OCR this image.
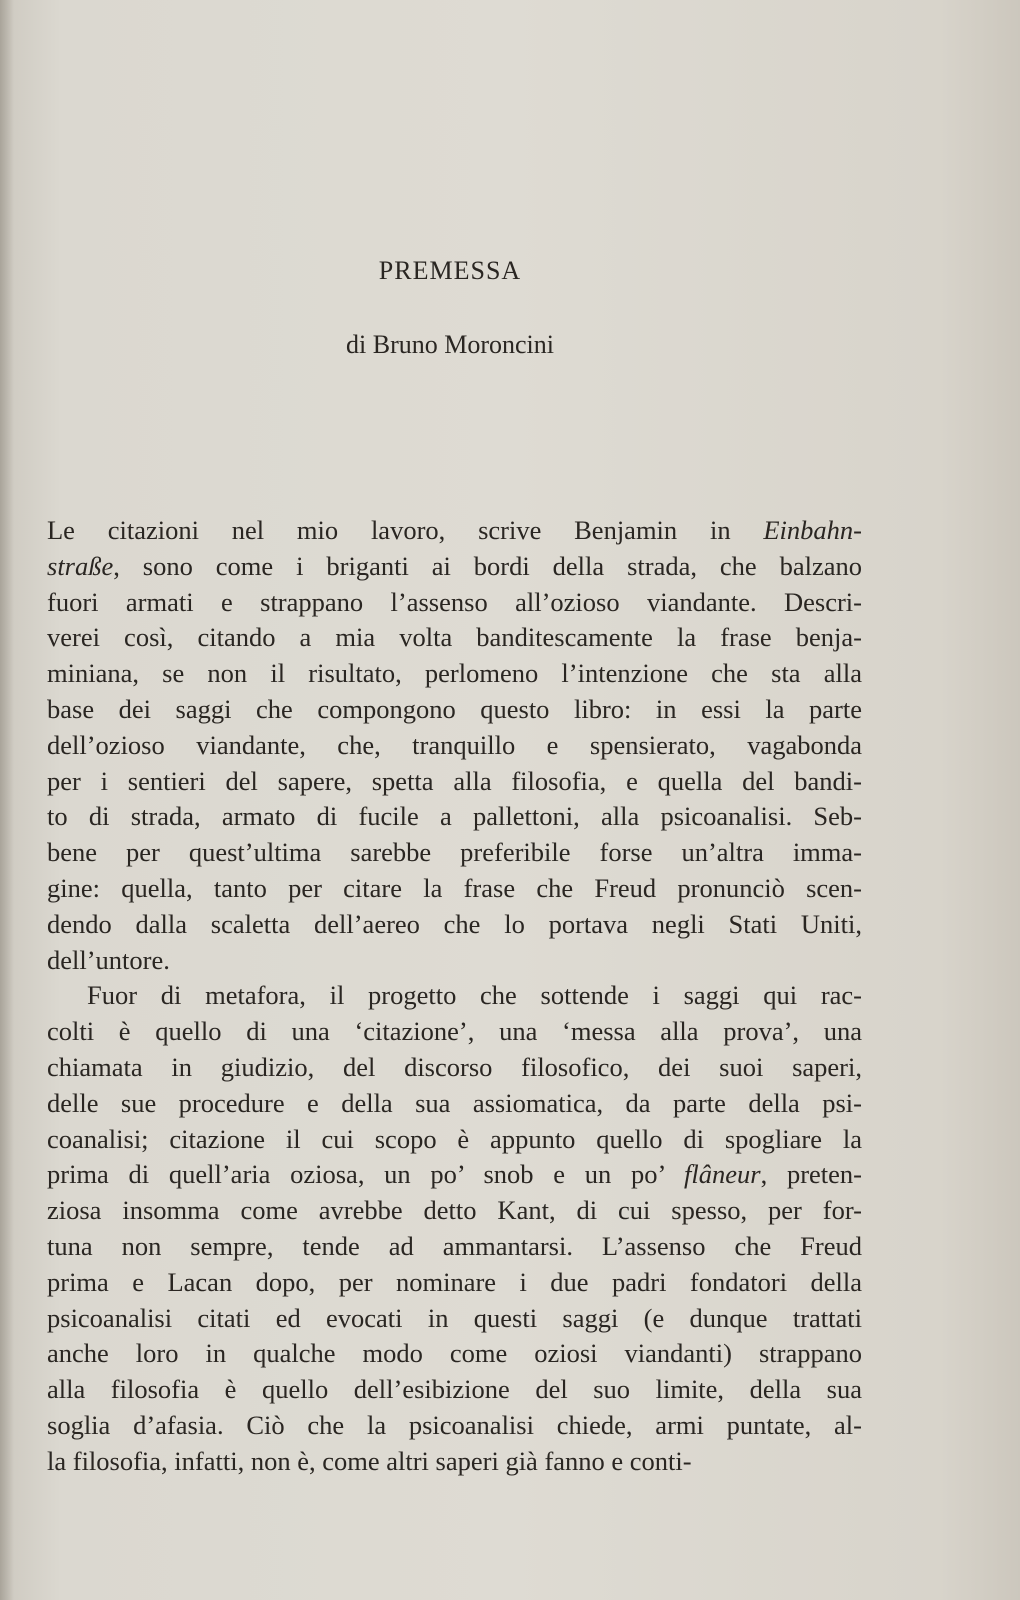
PREMESSA
di Bruno Moroncini
Le citazioni nel mio lavoro, scrive Benjamin in Einbahn-
straße, sono come i briganti ai bordi della strada, che balzano
fuori armati e strappano l’assenso all’ozioso viandante. Descri-
verei così, citando a mia volta banditescamente la frase benja-
miniana, se non il risultato, perlomeno l’intenzione che sta alla
base dei saggi che compongono questo libro: in essi la parte
dell’ozioso viandante, che, tranquillo e spensierato, vagabonda
per i sentieri del sapere, spetta alla filosofia, e quella del bandi-
to di strada, armato di fucile a pallettoni, alla psicoanalisi. Seb-
bene per quest’ultima sarebbe preferibile forse un’altra imma-
gine: quella, tanto per citare la frase che Freud pronunciò scen-
dendo dalla scaletta dell’aereo che lo portava negli Stati Uniti,
dell’untore.
Fuor di metafora, il progetto che sottende i saggi qui rac-
colti è quello di una ‘citazione’, una ‘messa alla prova’, una
chiamata in giudizio, del discorso filosofico, dei suoi saperi,
delle sue procedure e della sua assiomatica, da parte della psi-
coanalisi; citazione il cui scopo è appunto quello di spogliare la
prima di quell’aria oziosa, un po’ snob e un po’ flâneur, preten-
ziosa insomma come avrebbe detto Kant, di cui spesso, per for-
tuna non sempre, tende ad ammantarsi. L’assenso che Freud
prima e Lacan dopo, per nominare i due padri fondatori della
psicoanalisi citati ed evocati in questi saggi (e dunque trattati
anche loro in qualche modo come oziosi viandanti) strappano
alla filosofia è quello dell’esibizione del suo limite, della sua
soglia d’afasia. Ciò che la psicoanalisi chiede, armi puntate, al-
la filosofia, infatti, non è, come altri saperi già fanno e conti-
